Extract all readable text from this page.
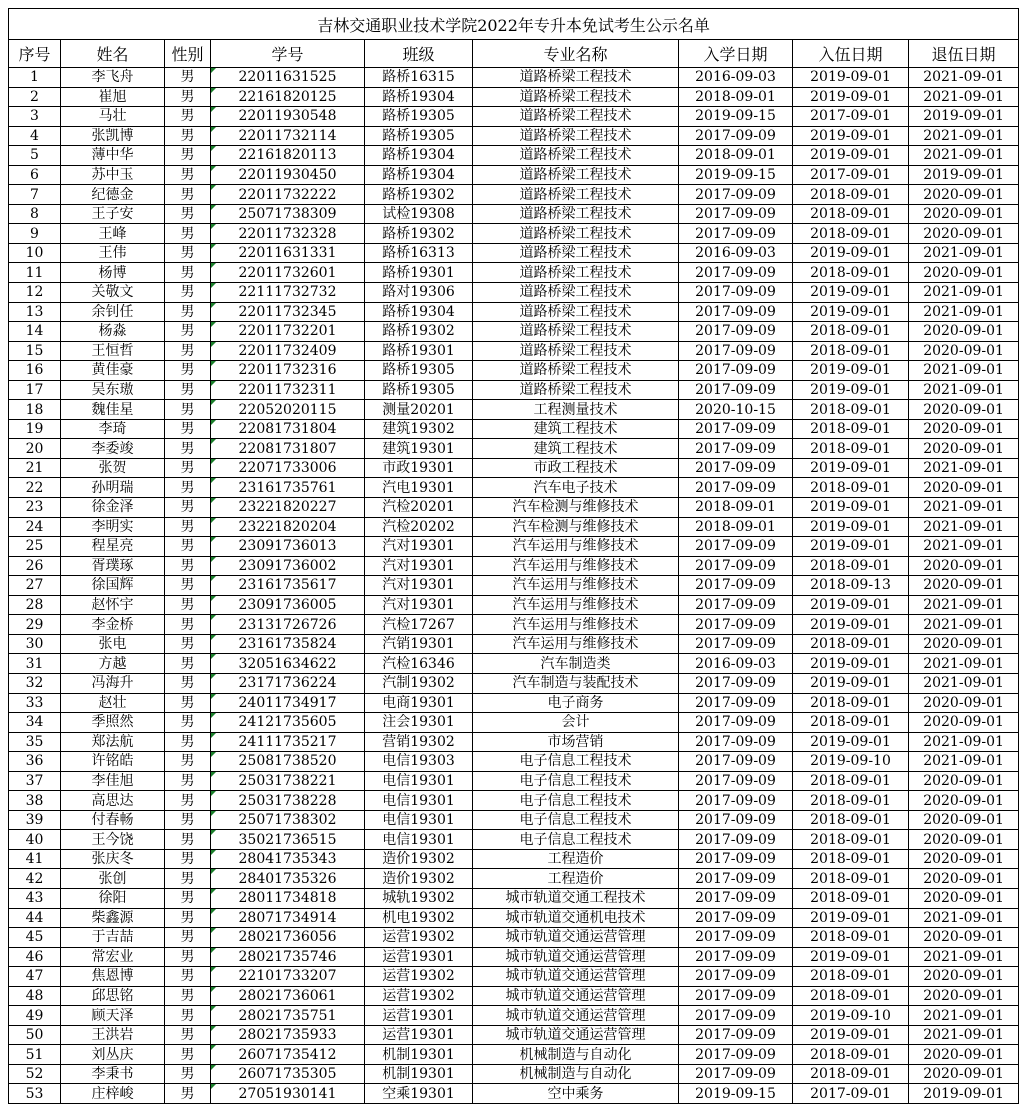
吉林交通职业技术学院2022年专升本免试考生公示名单								
序号	姓名	性别	学号	班级	专业名称	入学日期	入伍日期	退伍日期
1	李飞舟	男	22011631525	路桥16315	道路桥梁工程技术	2016-09-03	2019-09-01	2021-09-01
2	崔旭	男	22161820125	路桥19304	道路桥梁工程技术	2018-09-01	2019-09-01	2021-09-01
3	马壮	男	22011930548	路桥19305	道路桥梁工程技术	2019-09-15	2017-09-01	2019-09-01
4	张凯博	男	22011732114	路桥19305	道路桥梁工程技术	2017-09-09	2019-09-01	2021-09-01
5	薄中华	男	22161820113	路桥19304	道路桥梁工程技术	2018-09-01	2019-09-01	2021-09-01
6	苏中玉	男	22011930450	路桥19304	道路桥梁工程技术	2019-09-15	2017-09-01	2019-09-01
7	纪德金	男	22011732222	路桥19302	道路桥梁工程技术	2017-09-09	2018-09-01	2020-09-01
8	王子安	男	25071738309	试检19308	道路桥梁工程技术	2017-09-09	2018-09-01	2020-09-01
9	王峰	男	22011732328	路桥19302	道路桥梁工程技术	2017-09-09	2018-09-01	2020-09-01
10	王伟	男	22011631331	路桥16313	道路桥梁工程技术	2016-09-03	2019-09-01	2021-09-01
11	杨博	男	22011732601	路桥19301	道路桥梁工程技术	2017-09-09	2018-09-01	2020-09-01
12	关敬文	男	22111732732	路对19306	道路桥梁工程技术	2017-09-09	2019-09-01	2021-09-01
13	余钊任	男	22011732345	路桥19304	道路桥梁工程技术	2017-09-09	2019-09-01	2021-09-01
14	杨淼	男	22011732201	路桥19302	道路桥梁工程技术	2017-09-09	2018-09-01	2020-09-01
15	王恒哲	男	22011732409	路桥19301	道路桥梁工程技术	2017-09-09	2018-09-01	2020-09-01
16	黄佳豪	男	22011732316	路桥19305	道路桥梁工程技术	2017-09-09	2019-09-01	2021-09-01
17	吴东璈	男	22011732311	路桥19305	道路桥梁工程技术	2017-09-09	2019-09-01	2021-09-01
18	魏佳星	男	22052020115	测量20201	工程测量技术	2020-10-15	2018-09-01	2020-09-01
19	李琦	男	22081731804	建筑19302	建筑工程技术	2017-09-09	2018-09-01	2020-09-01
20	李委竣	男	22081731807	建筑19301	建筑工程技术	2017-09-09	2018-09-01	2020-09-01
21	张贺	男	22071733006	市政19301	市政工程技术	2017-09-09	2019-09-01	2021-09-01
22	孙明瑞	男	23161735761	汽电19301	汽车电子技术	2017-09-09	2018-09-01	2020-09-01
23	徐金泽	男	23221820227	汽检20201	汽车检测与维修技术	2018-09-01	2019-09-01	2021-09-01
24	李明实	男	23221820204	汽检20202	汽车检测与维修技术	2018-09-01	2019-09-01	2021-09-01
25	程星亮	男	23091736013	汽对19301	汽车运用与维修技术	2017-09-09	2019-09-01	2021-09-01
26	胥璞琢	男	23091736002	汽对19301	汽车运用与维修技术	2017-09-09	2018-09-01	2020-09-01
27	徐国辉	男	23161735617	汽对19301	汽车运用与维修技术	2017-09-09	2018-09-13	2020-09-01
28	赵怀宇	男	23091736005	汽对19301	汽车运用与维修技术	2017-09-09	2019-09-01	2021-09-01
29	李金桥	男	23131726726	汽检17267	汽车运用与维修技术	2017-09-09	2019-09-01	2021-09-01
30	张电	男	23161735824	汽销19301	汽车运用与维修技术	2017-09-09	2018-09-01	2020-09-01
31	方越	男	32051634622	汽检16346	汽车制造类	2016-09-03	2019-09-01	2021-09-01
32	冯海升	男	23171736224	汽制19302	汽车制造与装配技术	2017-09-09	2019-09-01	2021-09-01
33	赵壮	男	24011734917	电商19301	电子商务	2017-09-09	2018-09-01	2020-09-01
34	季照然	男	24121735605	注会19301	会计	2017-09-09	2018-09-01	2020-09-01
35	郑法航	男	24111735217	营销19302	市场营销	2017-09-09	2019-09-01	2021-09-01
36	许铭皓	男	25081738520	电信19303	电子信息工程技术	2017-09-09	2019-09-10	2021-09-01
37	李佳旭	男	25031738221	电信19301	电子信息工程技术	2017-09-09	2018-09-01	2020-09-01
38	高思达	男	25031738228	电信19301	电子信息工程技术	2017-09-09	2018-09-01	2020-09-01
39	付春畅	男	25071738302	电信19301	电子信息工程技术	2017-09-09	2018-09-01	2020-09-01
40	王今饶	男	35021736515	电信19301	电子信息工程技术	2017-09-09	2018-09-01	2020-09-01
41	张庆冬	男	28041735343	造价19302	工程造价	2017-09-09	2018-09-01	2020-09-01
42	张创	男	28401735326	造价19302	工程造价	2017-09-09	2018-09-01	2020-09-01
43	徐阳	男	28011734818	城轨19302	城市轨道交通工程技术	2017-09-09	2018-09-01	2020-09-01
44	柴鑫源	男	28071734914	机电19302	城市轨道交通机电技术	2017-09-09	2019-09-01	2021-09-01
45	于吉喆	男	28021736056	运营19302	城市轨道交通运营管理	2017-09-09	2018-09-01	2020-09-01
46	常宏业	男	28021735746	运营19301	城市轨道交通运营管理	2017-09-09	2019-09-01	2021-09-01
47	焦恩博	男	22101733207	运营19302	城市轨道交通运营管理	2017-09-09	2018-09-01	2020-09-01
48	邱思铭	男	28021736061	运营19302	城市轨道交通运营管理	2017-09-09	2018-09-01	2020-09-01
49	顾天泽	男	28021735751	运营19301	城市轨道交通运营管理	2017-09-09	2019-09-10	2021-09-01
50	王洪岩	男	28021735933	运营19301	城市轨道交通运营管理	2017-09-09	2019-09-01	2021-09-01
51	刘丛庆	男	26071735412	机制19301	机械制造与自动化	2017-09-09	2018-09-01	2020-09-01
52	李秉书	男	26071735305	机制19301	机械制造与自动化	2017-09-09	2018-09-01	2020-09-01
53	庄梓峻	男	27051930141	空乘19301	空中乘务	2019-09-15	2017-09-01	2019-09-01
